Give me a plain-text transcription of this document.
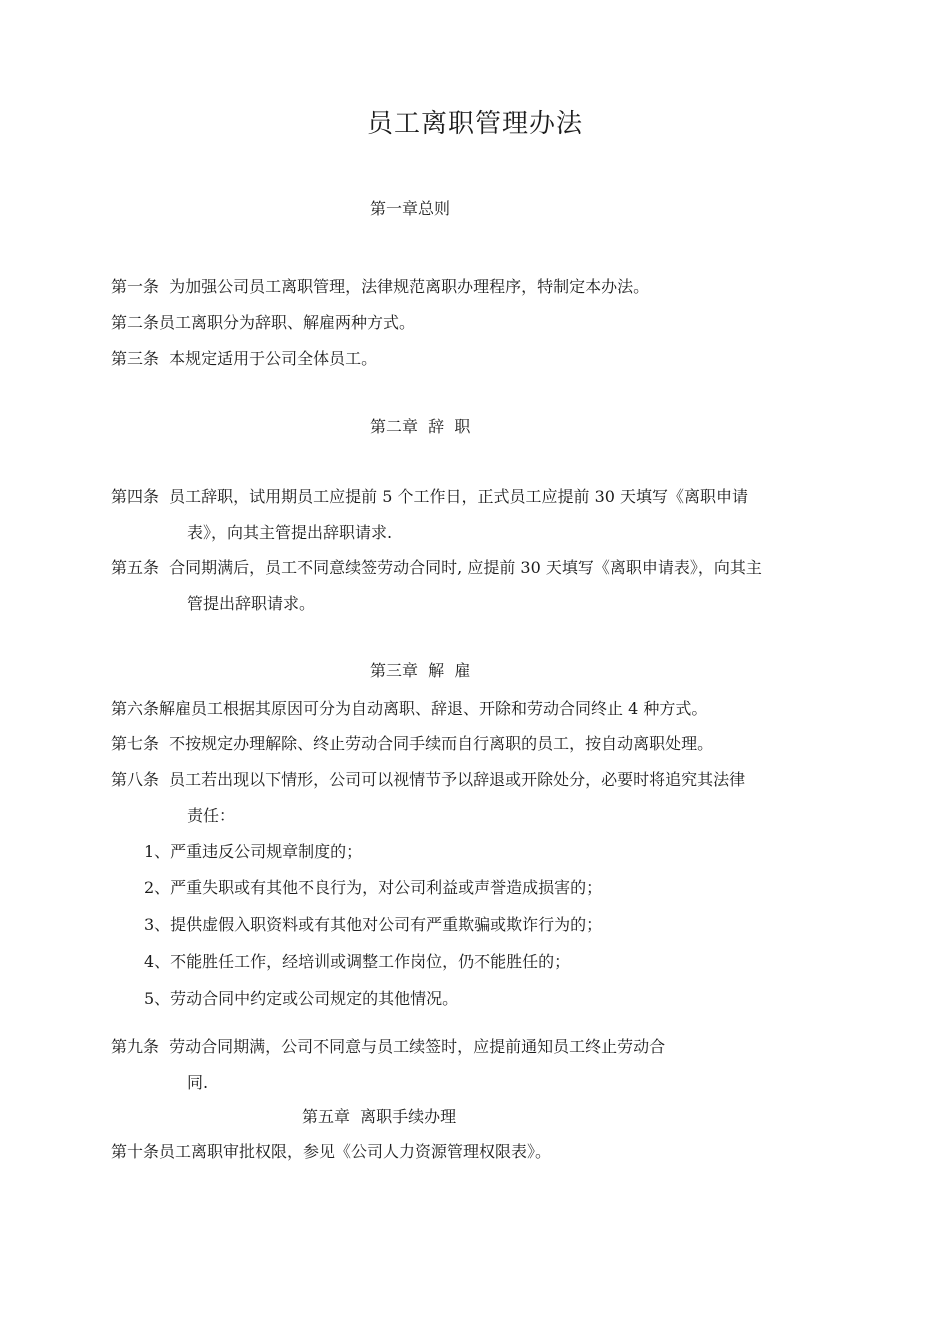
员工离职管理办法
第一章总则
第一条  为加强公司员工离职管理，法律规范离职办理程序，特制定本办法。
第二条员工离职分为辞职、解雇两种方式。
第三条  本规定适用于公司全体员工。
第二章  辞  职
第四条  员工辞职，试用期员工应提前 5 个工作日，正式员工应提前 30 天填写《离职申请
表》，向其主管提出辞职请求.
第五条  合同期满后，员工不同意续签劳动合同时, 应提前 30 天填写《离职申请表》，向其主
管提出辞职请求。
第三章  解  雇
第六条解雇员工根据其原因可分为自动离职、辞退、开除和劳动合同终止 4 种方式。
第七条  不按规定办理解除、终止劳动合同手续而自行离职的员工，按自动离职处理。
第八条  员工若出现以下情形，公司可以视情节予以辞退或开除处分，必要时将追究其法律
责任：
1、严重违反公司规章制度的；
2、严重失职或有其他不良行为，对公司利益或声誉造成损害的；
3、提供虚假入职资料或有其他对公司有严重欺骗或欺诈行为的；
4、不能胜任工作，经培训或调整工作岗位，仍不能胜任的；
5、劳动合同中约定或公司规定的其他情况。
第九条  劳动合同期满，公司不同意与员工续签时，应提前通知员工终止劳动合
同.
第五章  离职手续办理
第十条员工离职审批权限，参见《公司人力资源管理权限表》。
